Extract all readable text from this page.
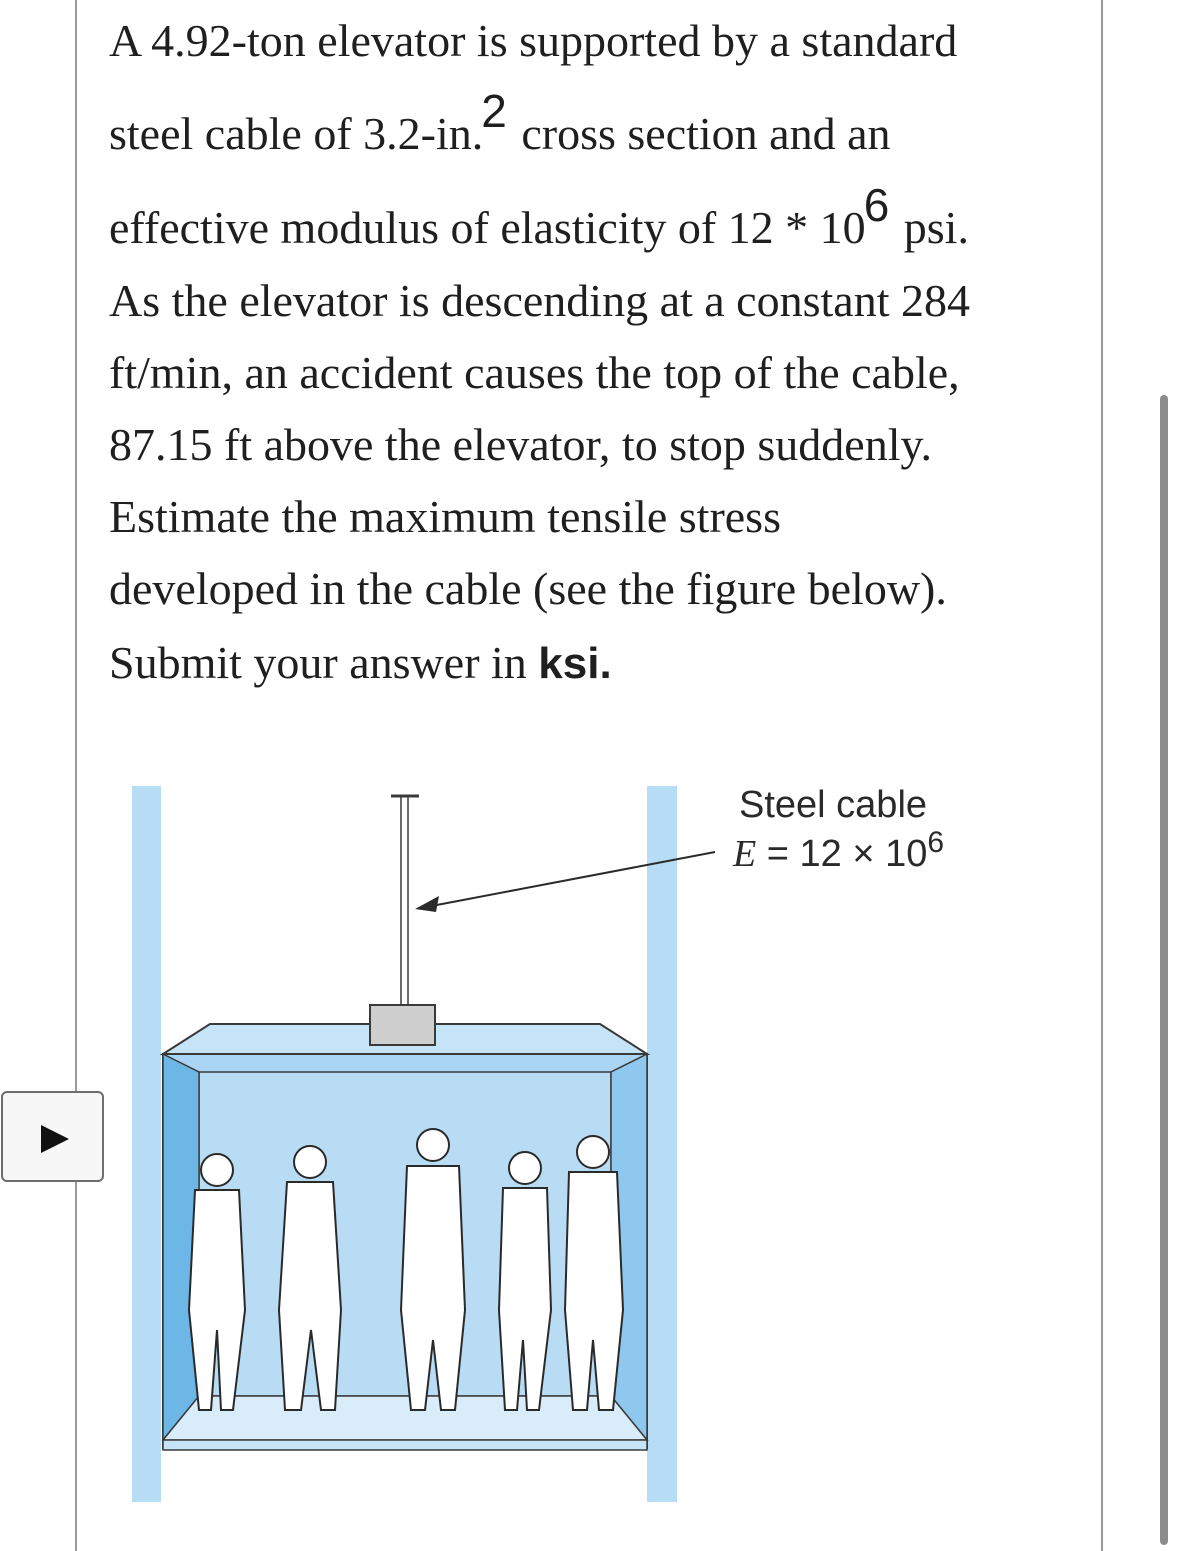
A 4.92-ton elevator is supported by a standard
steel cable of 3.2-in.2 cross section and an
effective modulus of elasticity of 12 * 106 psi.
As the elevator is descending at a constant 284
ft/min, an accident causes the top of the cable,
87.15 ft above the elevator, to stop suddenly.
Estimate the maximum tensile stress
developed in the cable (see the figure below).
Submit your answer in ksi.
Steel cable
$E = 12 \times 10^6$
